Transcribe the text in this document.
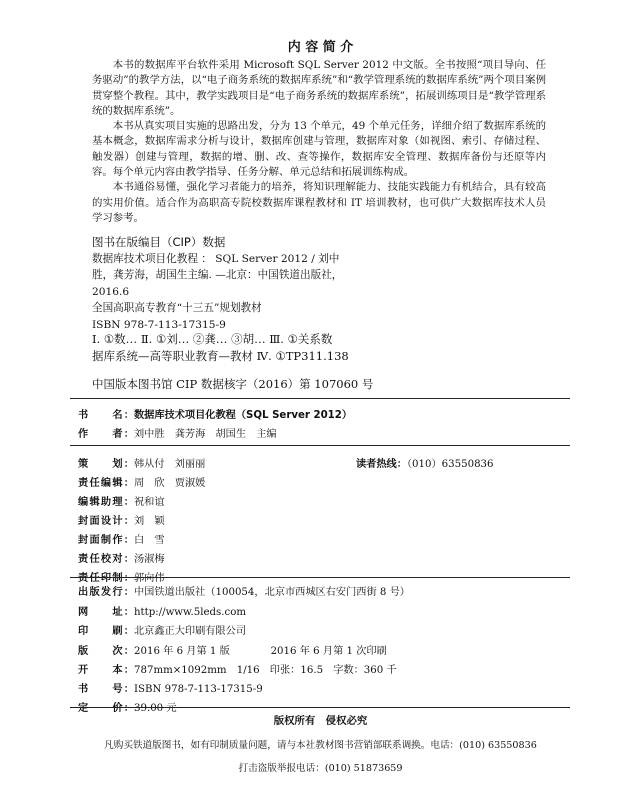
内 容 简 介

本书的数据库平台软件采用 Microsoft SQL Server 2012 中文版。全书按照“项目导向、任务驱动”的教学方法，以“电子商务系统的数据库系统”和“教学管理系统的数据库系统”两个项目案例贯穿整个教程。其中，教学实践项目是“电子商务系统的数据库系统”，拓展训练项目是“教学管理系统的数据库系统”。

本书从真实项目实施的思路出发，分为 13 个单元，49 个单元任务，详细介绍了数据库系统的基本概念，数据库需求分析与设计，数据库创建与管理，数据库对象（如视图、索引、存储过程、触发器）创建与管理，数据的增、删、改、查等操作，数据库安全管理、数据库备份与还原等内容。每个单元内容由教学指导、任务分解、单元总结和拓展训练构成。

本书通俗易懂，强化学习者能力的培养，将知识理解能力、技能实践能力有机结合，具有较高的实用价值。适合作为高职高专院校数据库课程教材和 IT 培训教材，也可供广大数据库技术人员学习参考。

图书在版编目（CIP）数据
数据库技术项目化教程 ： SQL Server 2012 / 刘中
胜，龚芳海，胡国生主编. —北京：中国铁道出版社，
2016.6
全国高职高专教育“十三五”规划教材
ISBN 978-7-113-17315-9
Ⅰ. ①数… Ⅱ. ①刘… ②龚… ③胡… Ⅲ. ①关系数
据库系统—高等职业教育—教材 Ⅳ. ①TP311.138
中国版本图书馆 CIP 数据核字（2016）第 107060 号
书　　名：数据库技术项目化教程（SQL Server 2012）
作　　者：刘中胜　龚芳海　胡国生　主编
策　　划：韩从付　刘丽丽	读者热线：（010）63550836
责任编辑：周　欣　贾淑媛
编辑助理：祝和谊
封面设计：刘　颖
封面制作：白　雪
责任校对：汤淑梅
责任印制：郭向伟
出版发行：中国铁道出版社（100054，北京市西城区右安门西街 8 号）
网　　址：http://www.5leds.com
印　　刷：北京鑫正大印刷有限公司
版　　次：2016 年 6 月第 1 版　　　　2016 年 6 月第 1 次印刷
开　　本：787mm×1092mm　1/16　印张：16.5　字数：360 千
书　　号：ISBN 978-7-113-17315-9
定　　价：39.00 元
版权所有　侵权必究
凡购买铁道版图书，如有印制质量问题，请与本社教材图书营销部联系调换。电话：(010) 63550836
打击盗版举报电话：(010) 51873659
